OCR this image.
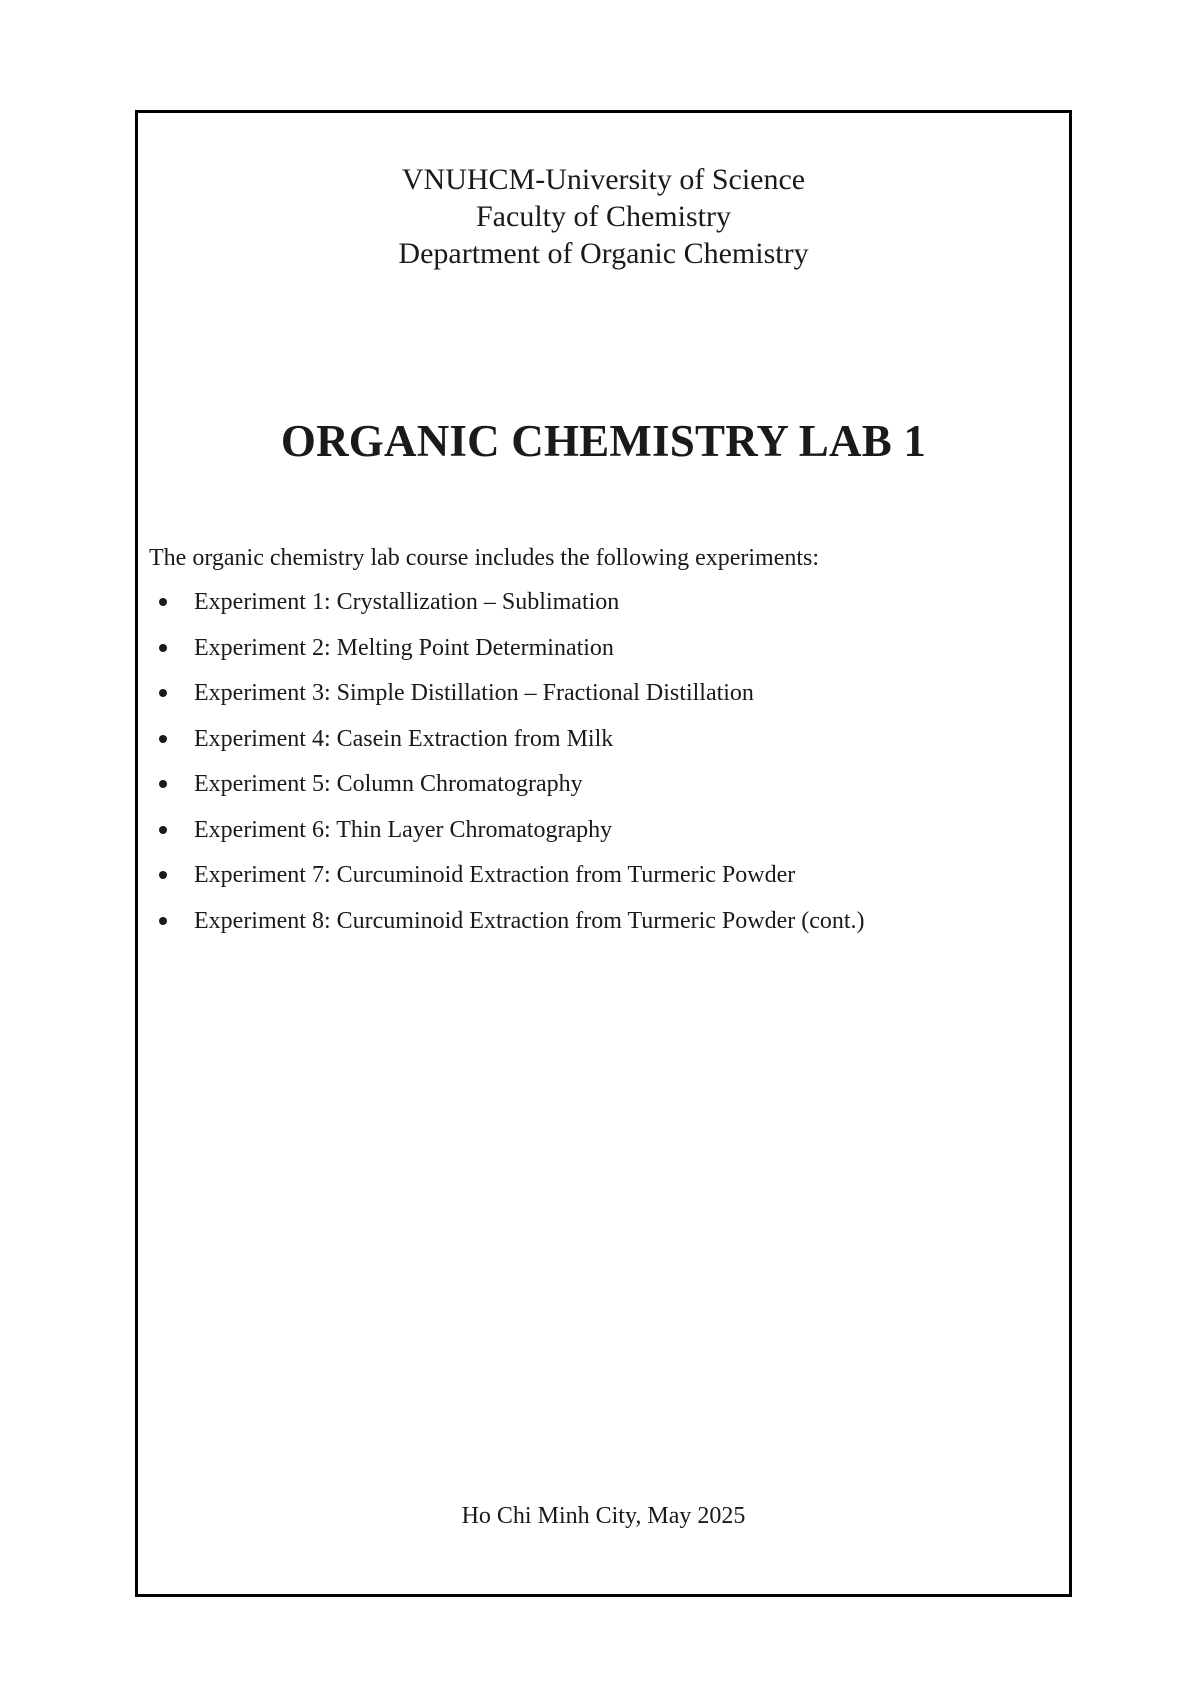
VNUHCM-University of Science
Faculty of Chemistry
Department of Organic Chemistry
ORGANIC CHEMISTRY LAB 1
The organic chemistry lab course includes the following experiments:
Experiment 1: Crystallization – Sublimation
Experiment 2: Melting Point Determination
Experiment 3: Simple Distillation – Fractional Distillation
Experiment 4: Casein Extraction from Milk
Experiment 5: Column Chromatography
Experiment 6: Thin Layer Chromatography
Experiment 7: Curcuminoid Extraction from Turmeric Powder
Experiment 8: Curcuminoid Extraction from Turmeric Powder (cont.)
Ho Chi Minh City, May 2025
